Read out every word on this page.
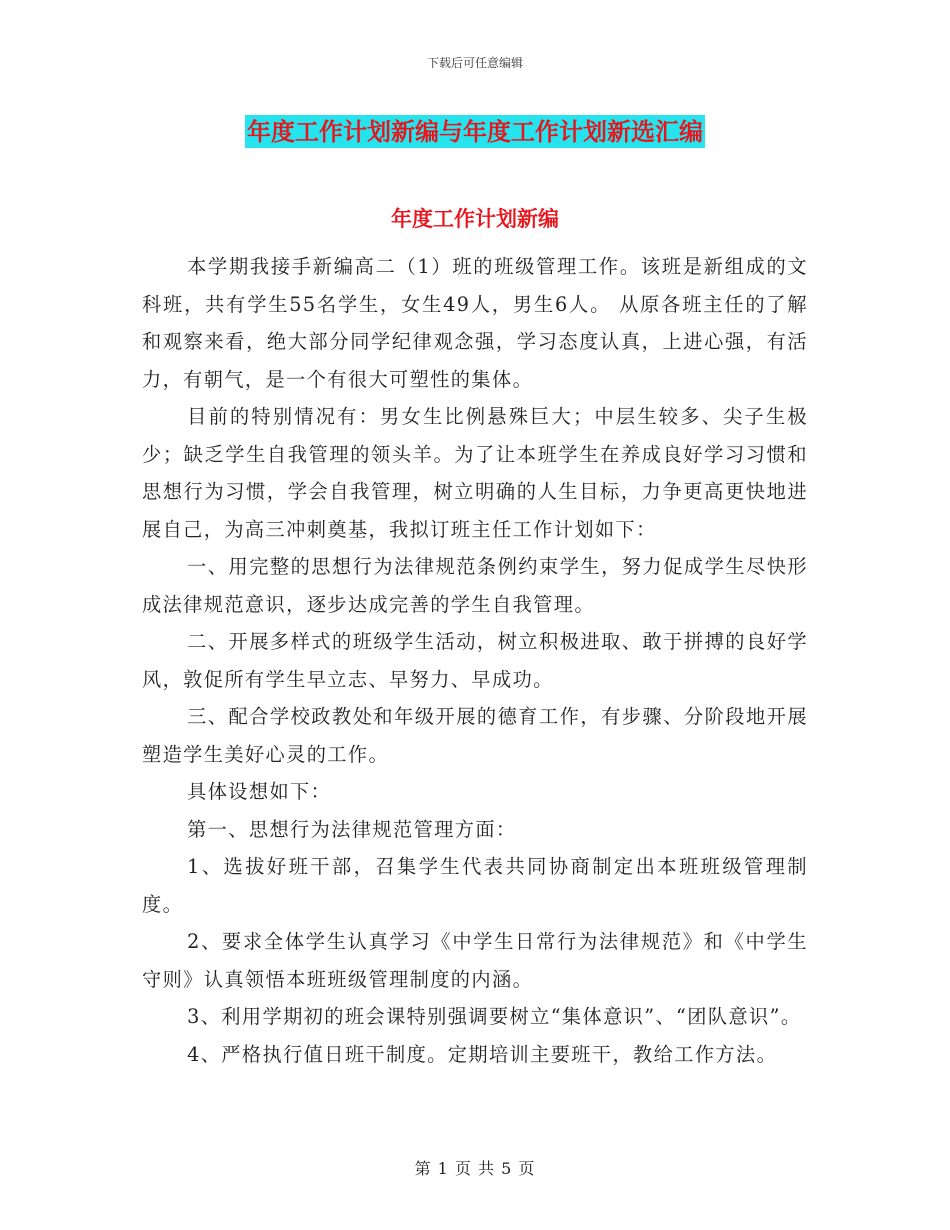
下载后可任意编辑
年度工作计划新编与年度工作计划新选汇编
年度工作计划新编

本学期我接手新编高二（1）班的班级管理工作。该班是新组成的文科班，共有学生55名学生，女生49人，男生6人。 从原各班主任的了解和观察来看，绝大部分同学纪律观念强，学习态度认真，上进心强，有活力，有朝气，是一个有很大可塑性的集体。

目前的特别情况有：男女生比例悬殊巨大；中层生较多、尖子生极少；缺乏学生自我管理的领头羊。为了让本班学生在养成良好学习习惯和思想行为习惯，学会自我管理，树立明确的人生目标，力争更高更快地进展自己，为高三冲刺奠基，我拟订班主任工作计划如下：

一、用完整的思想行为法律规范条例约束学生，努力促成学生尽快形成法律规范意识，逐步达成完善的学生自我管理。

二、开展多样式的班级学生活动，树立积极进取、敢于拼搏的良好学风，敦促所有学生早立志、早努力、早成功。

三、配合学校政教处和年级开展的德育工作，有步骤、分阶段地开展塑造学生美好心灵的工作。

具体设想如下：

第一、思想行为法律规范管理方面：

1、选拔好班干部，召集学生代表共同协商制定出本班班级管理制度。

2、要求全体学生认真学习《中学生日常行为法律规范》和《中学生守则》认真领悟本班班级管理制度的内涵。

3、利用学期初的班会课特别强调要树立“集体意识”、“团队意识”。

4、严格执行值日班干制度。定期培训主要班干，教给工作方法。

第 1 页 共 5 页
